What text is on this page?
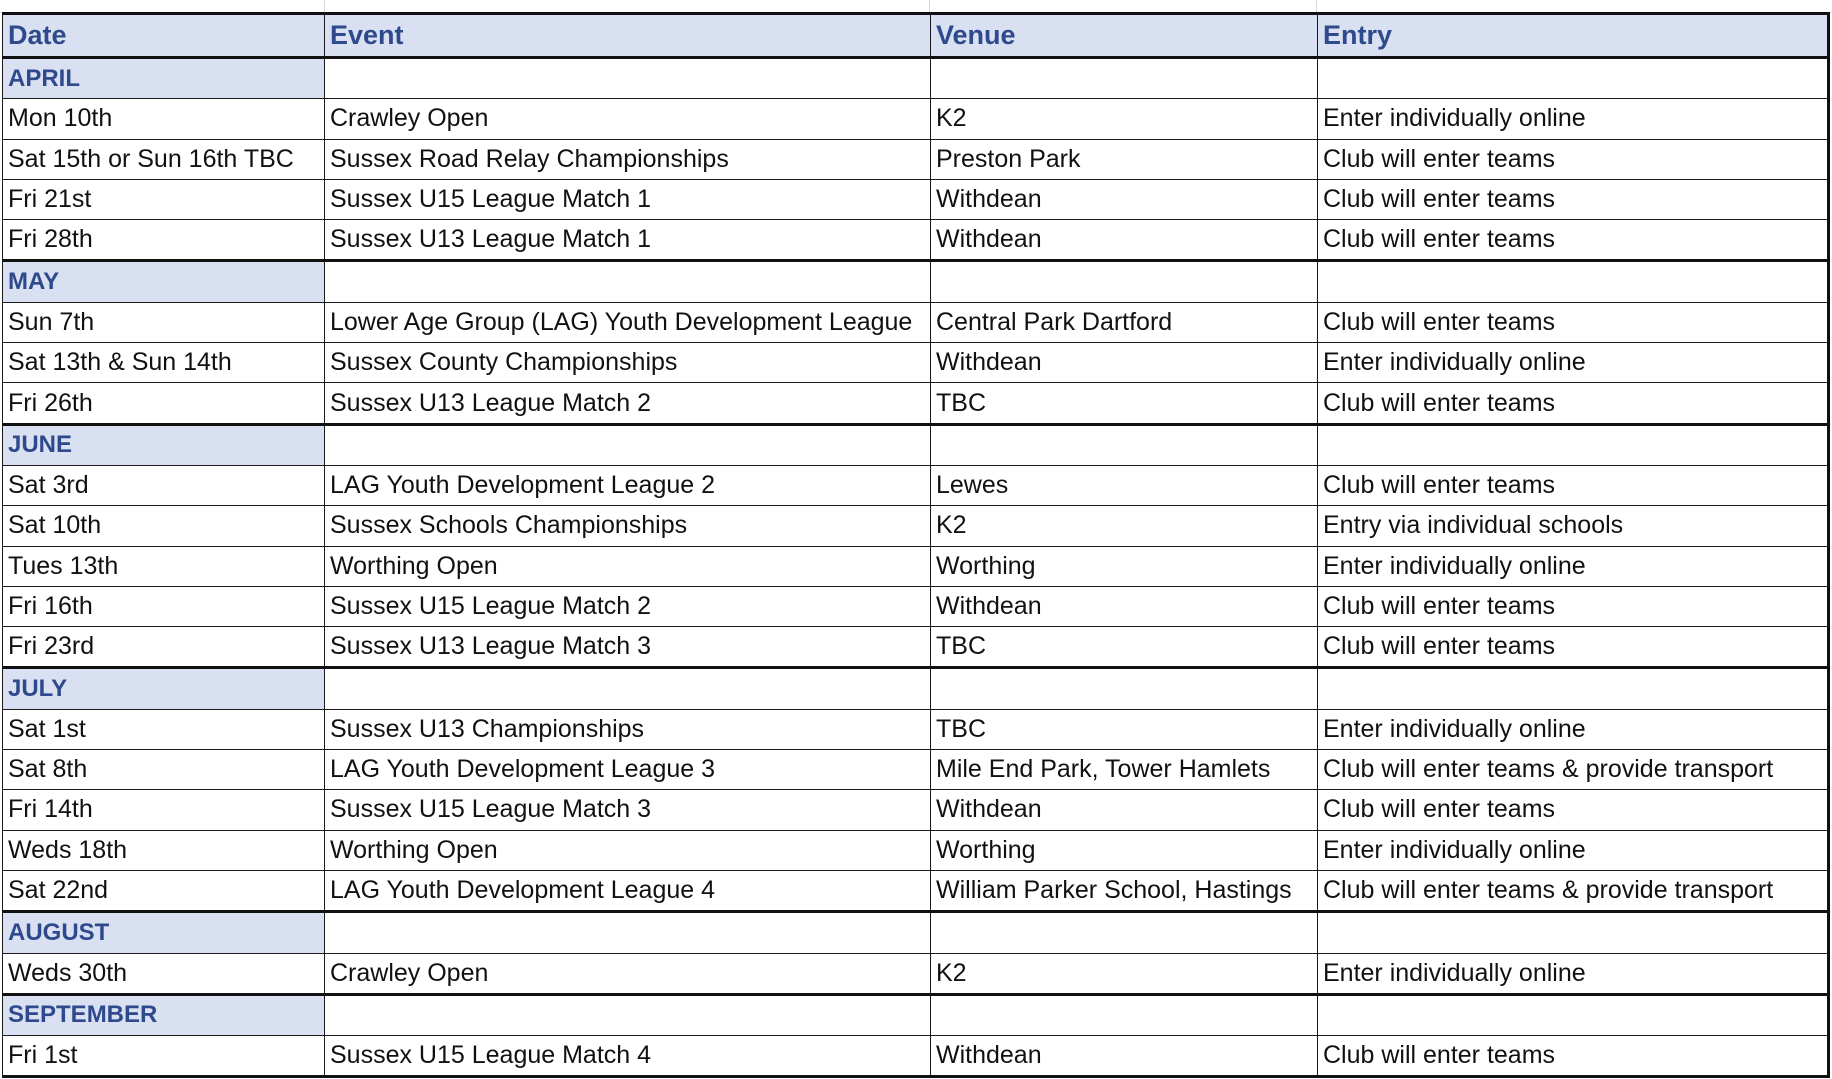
Date	Event	Venue	Entry
APRIL			
Mon 10th	Crawley Open	K2	Enter individually online
Sat 15th or Sun 16th TBC	Sussex Road Relay Championships	Preston Park	Club will enter teams
Fri 21st	Sussex U15 League Match 1	Withdean	Club will enter teams
Fri 28th	Sussex U13 League Match 1	Withdean	Club will enter teams
MAY			
Sun 7th	Lower Age Group (LAG) Youth Development League	Central Park Dartford	Club will enter teams
Sat 13th & Sun 14th	Sussex County Championships	Withdean	Enter individually online
Fri 26th	Sussex U13 League Match 2	TBC	Club will enter teams
JUNE			
Sat 3rd	LAG Youth Development League 2	Lewes	Club will enter teams
Sat 10th	Sussex Schools Championships	K2	Entry via individual schools
Tues 13th	Worthing Open	Worthing	Enter individually online
Fri 16th	Sussex U15 League Match 2	Withdean	Club will enter teams
Fri 23rd	Sussex U13 League Match 3	TBC	Club will enter teams
JULY			
Sat 1st	Sussex U13 Championships	TBC	Enter individually online
Sat 8th	LAG Youth Development League 3	Mile End Park, Tower Hamlets	Club will enter teams & provide transport
Fri 14th	Sussex U15 League Match 3	Withdean	Club will enter teams
Weds 18th	Worthing Open	Worthing	Enter individually online
Sat 22nd	LAG Youth Development League 4	William Parker School, Hastings	Club will enter teams & provide transport
AUGUST			
Weds 30th	Crawley Open	K2	Enter individually online
SEPTEMBER			
Fri 1st	Sussex U15 League Match 4	Withdean	Club will enter teams
